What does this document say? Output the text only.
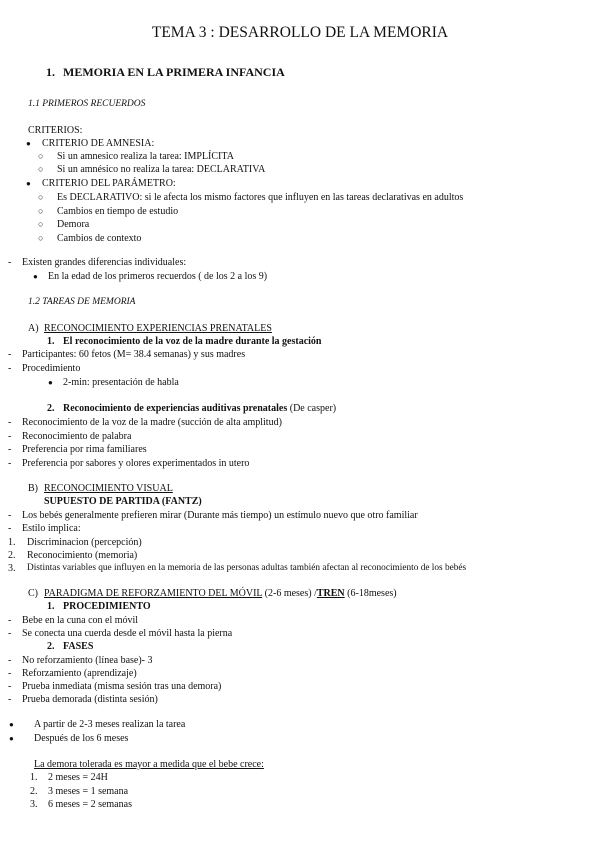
TEMA 3 : DESARROLLO DE LA MEMORIA
1. MEMORIA EN LA PRIMERA INFANCIA
1.1 PRIMEROS RECUERDOS
CRITERIOS:
● CRITERIO DE AMNESIA:
○ Si un amnesico realiza la tarea: IMPLÍCITA
○ Si un amnésico no realiza la tarea: DECLARATIVA
● CRITERIO DEL PARÁMETRO:
○ Es DECLARATIVO: si le afecta los mismo factores que influyen en las tareas declarativas en adultos
○ Cambios en tiempo de estudio
○ Demora
○ Cambios de contexto
- Existen grandes diferencias individuales:
● En la edad de los primeros recuerdos ( de los 2 a los 9)
1.2 TAREAS DE MEMORIA
A) RECONOCIMIENTO EXPERIENCIAS PRENATALES
1. El reconocimiento de la voz de la madre durante la gestación
- Participantes: 60 fetos (M= 38.4 semanas) y sus madres
- Procedimiento
● 2-min: presentación de habla
2. Reconocimiento de experiencias auditivas prenatales (De casper)
- Reconocimiento de la voz de la madre (succión de alta amplitud)
- Reconocimiento de palabra
- Preferencia por rima familiares
- Preferencia por sabores y olores experimentados in utero
B) RECONOCIMIENTO VISUAL
SUPUESTO DE PARTIDA (FANTZ)
- Los bebés generalmente prefieren mirar (Durante más tiempo) un estímulo nuevo que otro familiar
- Estilo implica:
1. Discriminacion (percepción)
2. Reconocimiento (memoria)
3. Distintas variables que influyen en la memoria de las personas adultas también afectan al reconocimiento de los bebés
C) PARADIGMA DE REFORZAMIENTO DEL MÓVIL (2-6 meses) /TREN (6-18meses)
1. PROCEDIMIENTO
- Bebe en la cuna con el móvil
- Se conecta una cuerda desde el móvil hasta la pierna
2. FASES
- No reforzamiento (línea base)- 3
- Reforzamiento (aprendizaje)
- Prueba inmediata (misma sesión tras una demora)
- Prueba demorada (distinta sesión)
● A partir de 2-3 meses realizan la tarea
● Después de los 6 meses
La demora tolerada es mayor a medida que el bebe crece:
1. 2 meses = 24H
2. 3 meses = 1 semana
3. 6 meses = 2 semanas
